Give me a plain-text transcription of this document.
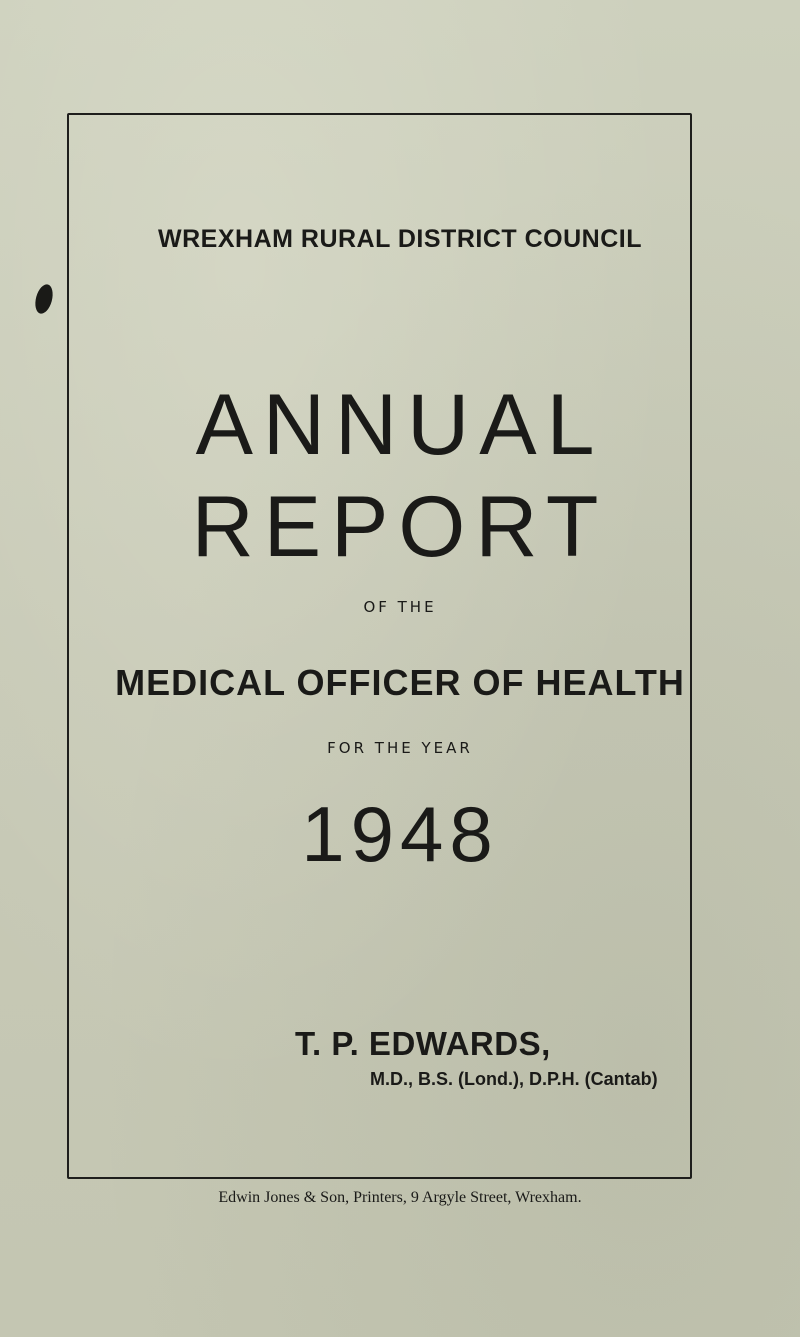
WREXHAM RURAL DISTRICT COUNCIL
ANNUAL
REPORT
OF THE
MEDICAL OFFICER OF HEALTH
FOR THE YEAR
1948
T. P. EDWARDS,
M.D., B.S. (Lond.), D.P.H. (Cantab)
Edwin Jones & Son, Printers, 9 Argyle Street, Wrexham.
